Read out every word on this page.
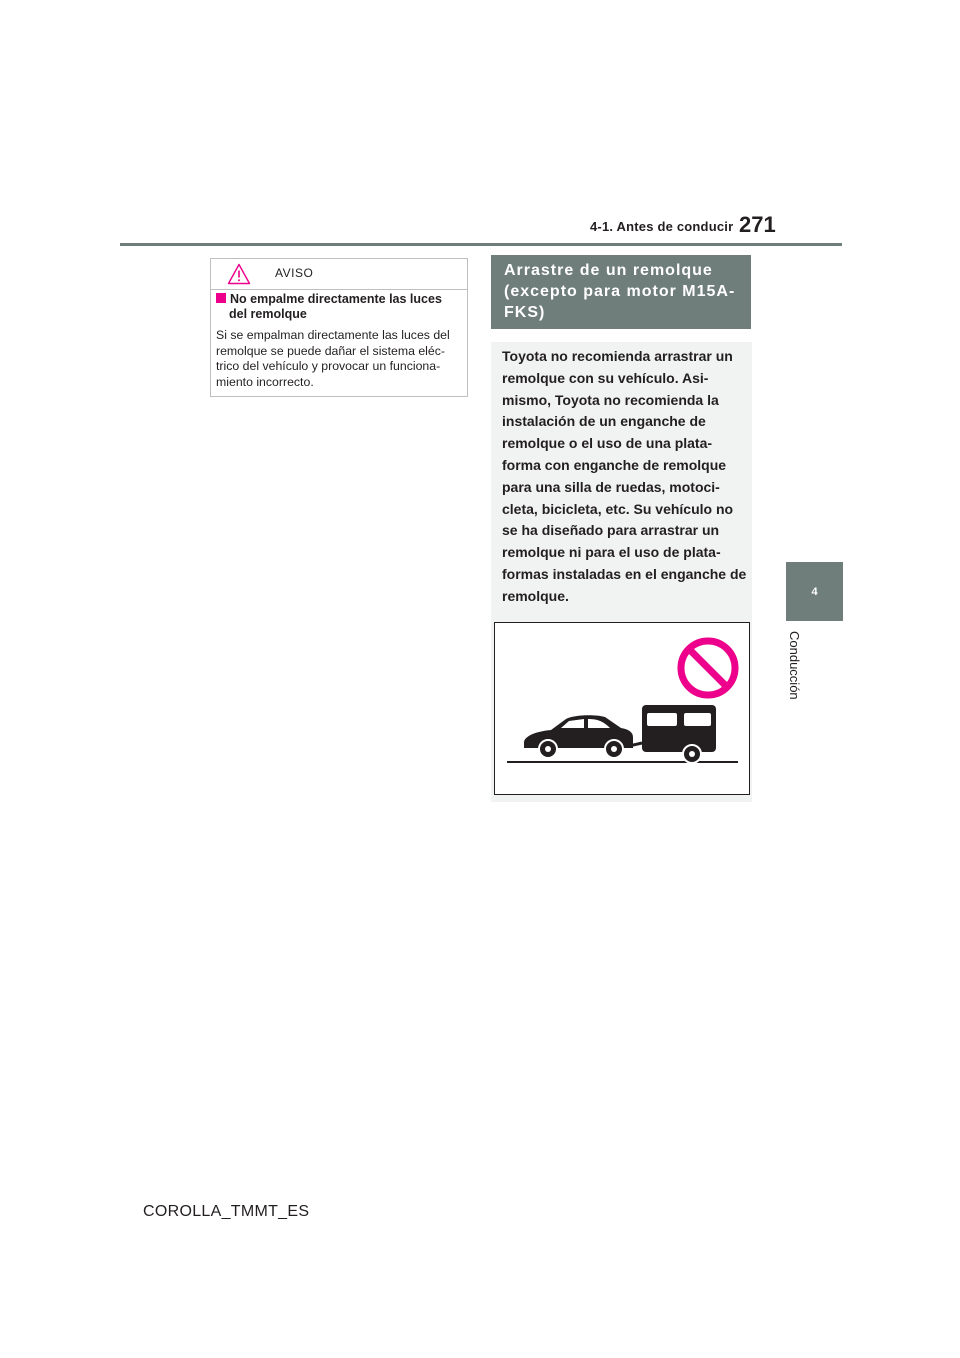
4-1. Antes de conducir 271
4
Conducción
AVISO
No empalme directamente las luces
del remolque
Si se empalman directamente las luces del remolque se puede dañar el sistema eléc-trico del vehículo y provocar un funciona-miento incorrecto.
Arrastre de un remolque (excepto para motor M15A-FKS)
Toyota no recomienda arrastrar un remolque con su vehículo. Asi-mismo, Toyota no recomienda la instalación de un enganche de remolque o el uso de una plata-forma con enganche de remolque para una silla de ruedas, motoci-cleta, bicicleta, etc. Su vehículo no se ha diseñado para arrastrar un remolque ni para el uso de plata-formas instaladas en el enganche de remolque.
COROLLA_TMMT_ES
